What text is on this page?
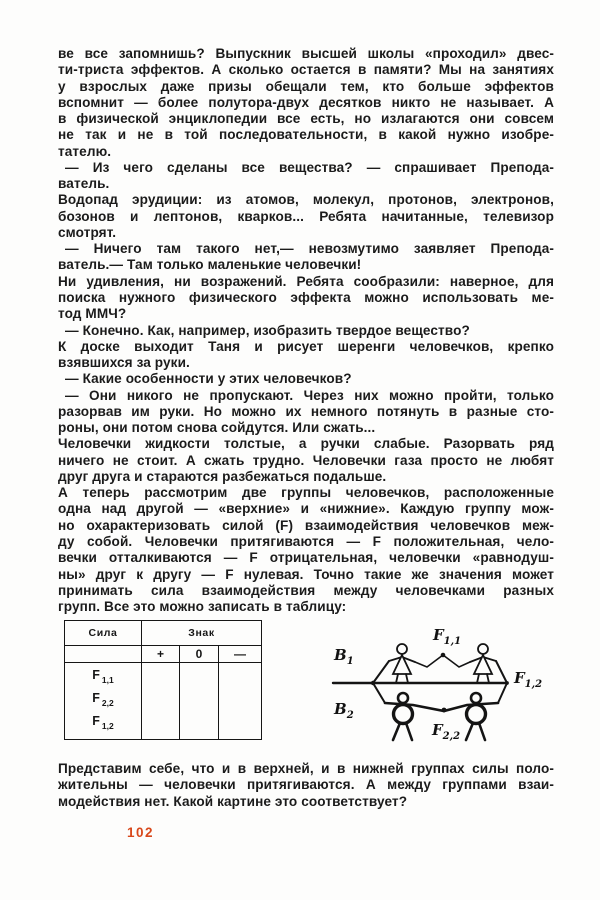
ве все запомнишь? Выпускник высшей школы «проходил» двес-
ти-триста эффектов. А сколько остается в памяти? Мы на занятиях
у взрослых даже призы обещали тем, кто больше эффектов
вспомнит — более полутора-двух десятков никто не называет. А
в физической энциклопедии все есть, но излагаются они совсем
не так и не в той последовательности, в какой нужно изобре-
тателю.
— Из чего сделаны все вещества? — спрашивает Препода-
ватель.
Водопад эрудиции: из атомов, молекул, протонов, электронов,
бозонов и лептонов, кварков... Ребята начитанные, телевизор
смотрят.
— Ничего там такого нет,— невозмутимо заявляет Препода-
ватель.— Там только маленькие человечки!
Ни удивления, ни возражений. Ребята сообразили: наверное, для
поиска нужного физического эффекта можно использовать ме-
тод ММЧ?
— Конечно. Как, например, изобразить твердое вещество?
К доске выходит Таня и рисует шеренги человечков, крепко
взявшихся за руки.
— Какие особенности у этих человечков?
— Они никого не пропускают. Через них можно пройти, только
разорвав им руки. Но можно их немного потянуть в разные сто-
роны, они потом снова сойдутся. Или сжать...
Человечки жидкости толстые, а ручки слабые. Разорвать ряд
ничего не стоит. А сжать трудно. Человечки газа просто не любят
друг друга и стараются разбежаться подальше.
А теперь рассмотрим две группы человечков, расположенные
одна над другой — «верхние» и «нижние». Каждую группу мож-
но охарактеризовать силой (F) взаимодействия человечков меж-
ду собой. Человечки притягиваются — F положительная, чело-
вечки отталкиваются — F отрицательная, человечки «равнодуш-
ны» друг к другу — F нулевая. Точно такие же значения может
принимать сила взаимодействия между человечками разных
групп. Все это можно записать в таблицу:
Сила	Знак		
	+	0	—

F $_{1,1}$
F $_{2,2}$
F $_{1,2}$

$B_1$
$B_2$
$F_{1,1}$
$F_{1,2}$
$F_{2,2}$
Представим себе, что и в верхней, и в нижней группах силы поло-
жительны — человечки притягиваются. А между группами взаи-
модействия нет. Какой картине это соответствует?
102
